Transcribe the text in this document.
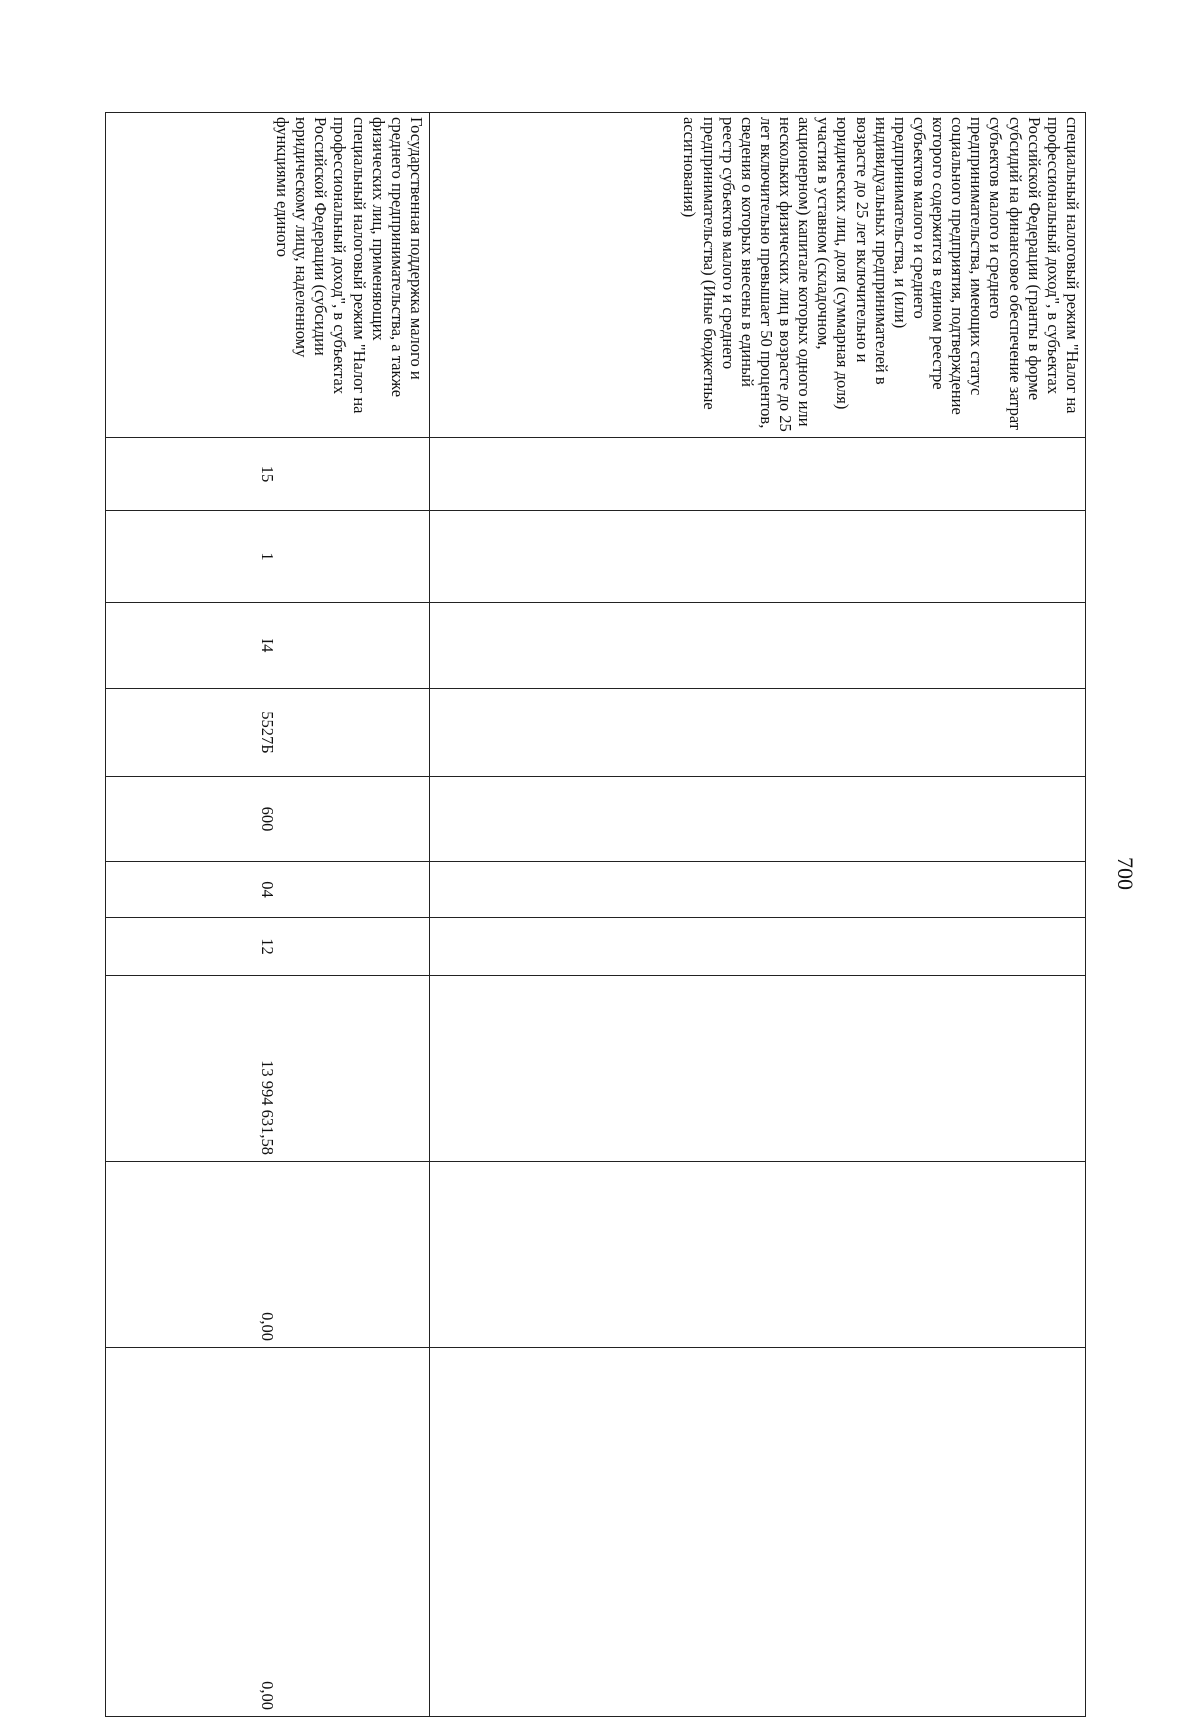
700
специальный налоговый режим "Налог на профессиональный доход", в субъектах Российской Федерации (гранты в форме субсидий на финансовое обеспечение затрат субъектов малого и среднего предпринимательства, имеющих статус социального предприятия, подтверждение которого содержится в едином реестре субъектов малого и среднего предпринимательства, и (или) индивидуальных предпринимателей в возрасте до 25 лет включительно и юридических лиц, доля (суммарная доля) участия в уставном (складочном, акционерном) капитале которых одного или нескольких физических лиц в возрасте до 25 лет включительно превышает 50 процентов, сведения о которых внесены в единый реестр субъектов малого и среднего предпринимательства) (Иные бюджетные ассигнования)										
Государственная поддержка малого и среднего предпринимательства, а также физических лиц, применяющих специальный налоговый режим "Налог на профессиональный доход", в субъектах Российской Федерации (субсидии юридическому лицу, наделенному функциями единого	15	1	I4	5527Б	600	04	12	13 994 631,58	0,00	0,00
